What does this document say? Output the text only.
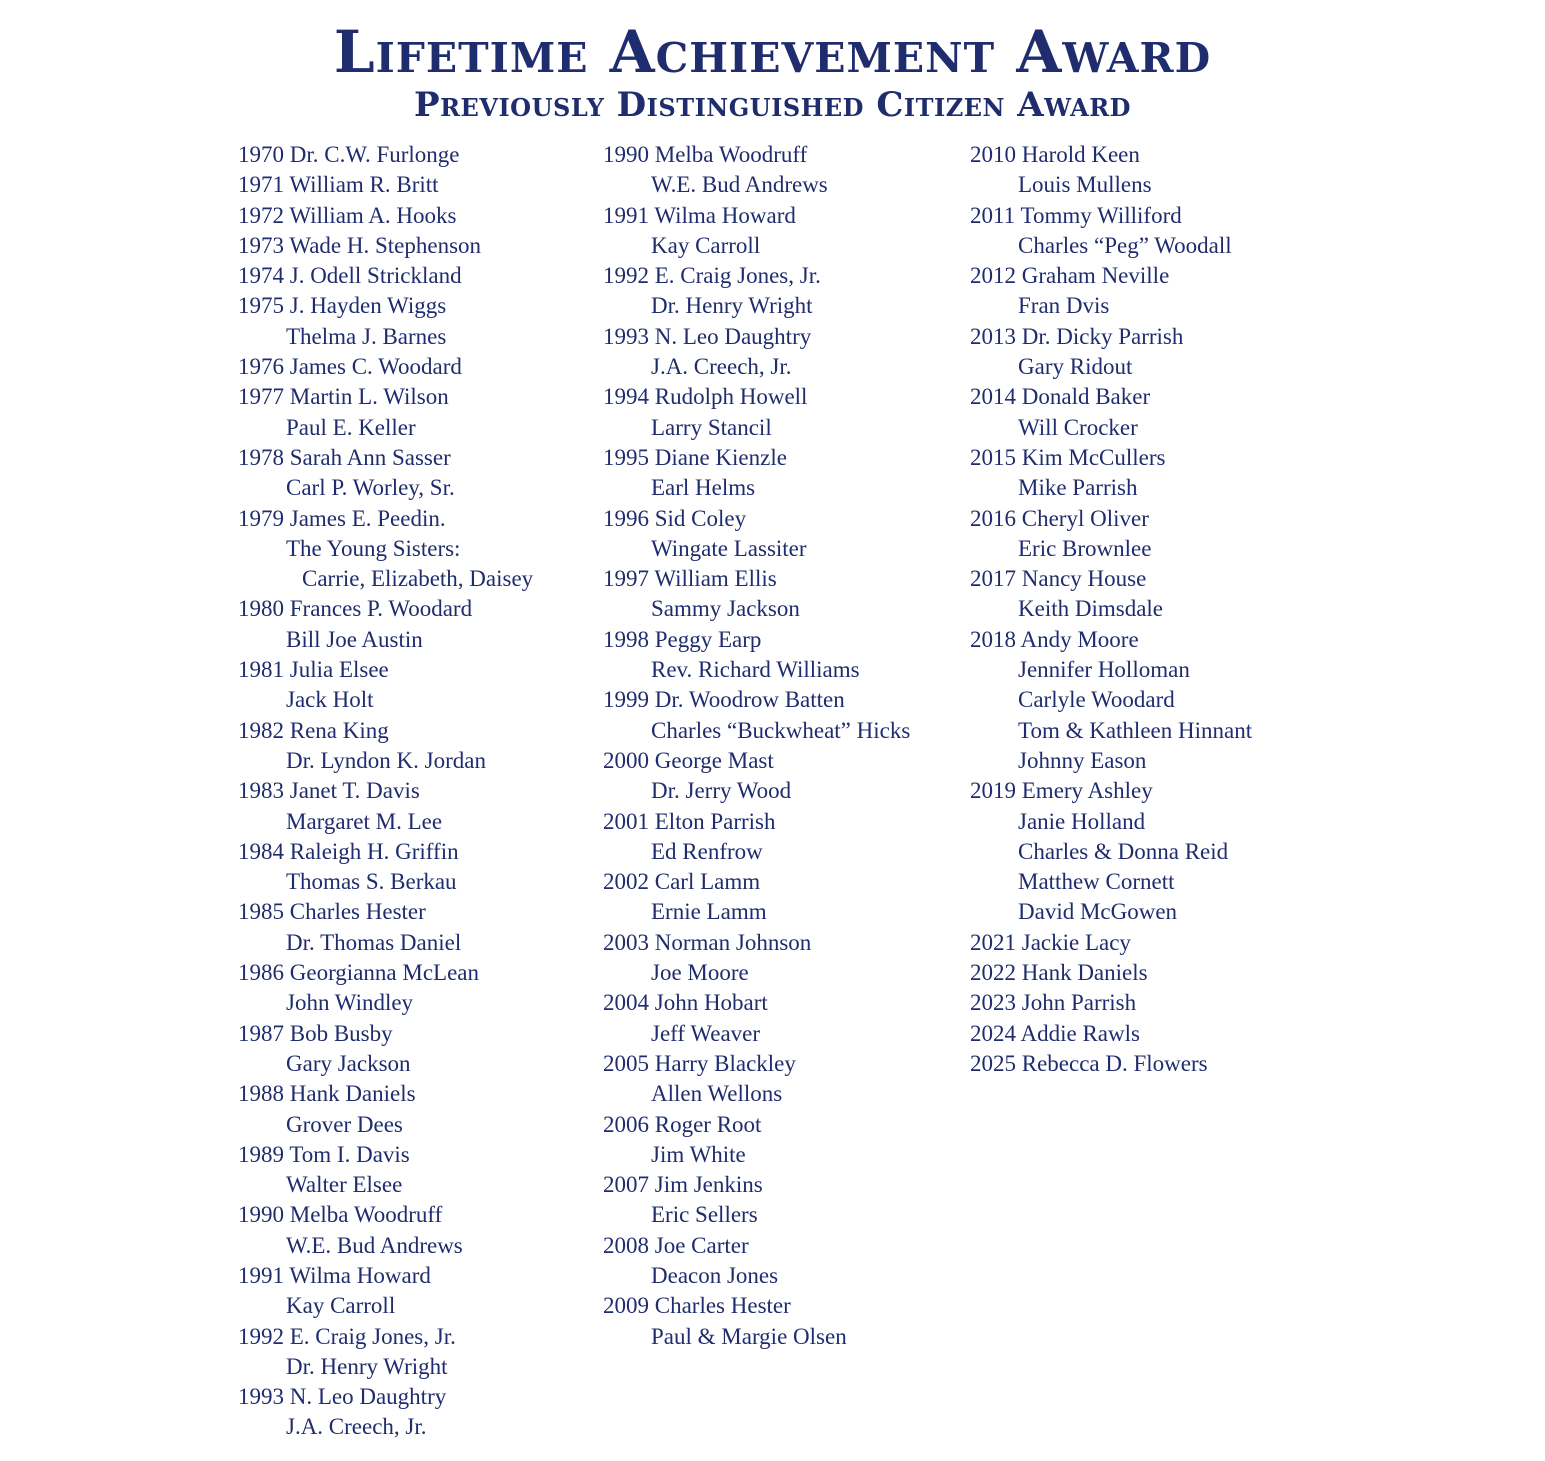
Lifetime Achievement Award
Previously Distinguished Citizen Award
1970 Dr. C.W. Furlonge
1971 William R. Britt
1972 William A. Hooks
1973 Wade H. Stephenson
1974 J. Odell Strickland
1975 J. Hayden Wiggs
Thelma J. Barnes
1976 James C. Woodard
1977 Martin L. Wilson
Paul E. Keller
1978 Sarah Ann Sasser
Carl P. Worley, Sr.
1979 James E. Peedin.
The Young Sisters:
Carrie, Elizabeth, Daisey
1980 Frances P. Woodard
Bill Joe Austin
1981 Julia Elsee
Jack Holt
1982 Rena King
Dr. Lyndon K. Jordan
1983 Janet T. Davis
Margaret M. Lee
1984 Raleigh H. Griffin
Thomas S. Berkau
1985 Charles Hester
Dr. Thomas Daniel
1986 Georgianna McLean
John Windley
1987 Bob Busby
Gary Jackson
1988 Hank Daniels
Grover Dees
1989 Tom I. Davis
Walter Elsee
1990 Melba Woodruff
W.E. Bud Andrews
1991 Wilma Howard
Kay Carroll
1992 E. Craig Jones, Jr.
Dr. Henry Wright
1993 N. Leo Daughtry
J.A. Creech, Jr.
1990 Melba Woodruff
W.E. Bud Andrews
1991 Wilma Howard
Kay Carroll
1992 E. Craig Jones, Jr.
Dr. Henry Wright
1993 N. Leo Daughtry
J.A. Creech, Jr.
1994 Rudolph Howell
Larry Stancil
1995 Diane Kienzle
Earl Helms
1996 Sid Coley
Wingate Lassiter
1997 William Ellis
Sammy Jackson
1998 Peggy Earp
Rev. Richard Williams
1999 Dr. Woodrow Batten
Charles “Buckwheat” Hicks
2000 George Mast
Dr. Jerry Wood
2001 Elton Parrish
Ed Renfrow
2002 Carl Lamm
Ernie Lamm
2003 Norman Johnson
Joe Moore
2004 John Hobart
Jeff Weaver
2005 Harry Blackley
Allen Wellons
2006 Roger Root
Jim White
2007 Jim Jenkins
Eric Sellers
2008 Joe Carter
Deacon Jones
2009 Charles Hester
Paul & Margie Olsen
2010 Harold Keen
Louis Mullens
2011 Tommy Williford
Charles “Peg” Woodall
2012 Graham Neville
Fran Dvis
2013 Dr. Dicky Parrish
Gary Ridout
2014 Donald Baker
Will Crocker
2015 Kim McCullers
Mike Parrish
2016 Cheryl Oliver
Eric Brownlee
2017 Nancy House
Keith Dimsdale
2018 Andy Moore
Jennifer Holloman
Carlyle Woodard
Tom & Kathleen Hinnant
Johnny Eason
2019 Emery Ashley
Janie Holland
Charles & Donna Reid
Matthew Cornett
David McGowen
2021 Jackie Lacy
2022 Hank Daniels
2023 John Parrish
2024 Addie Rawls
2025 Rebecca D. Flowers
